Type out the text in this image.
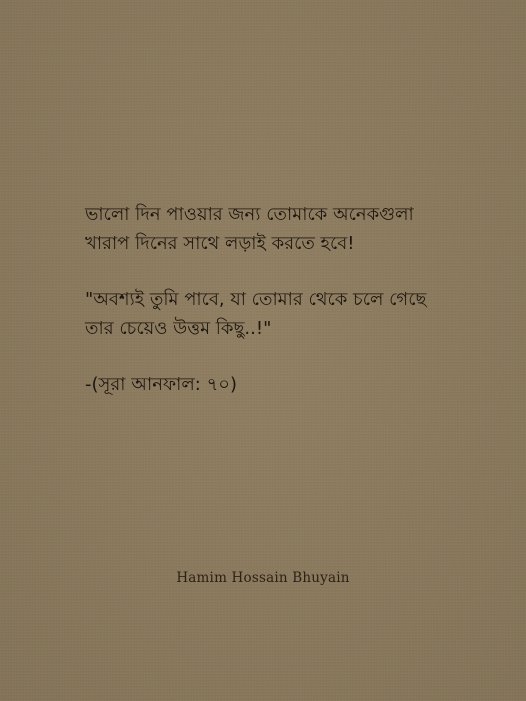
ভালো দিন পাওয়ার জন্য তোমাকে অনেকগুলা
খারাপ দিনের সাথে লড়াই করতে হবে!
"অবশ্যই তুমি পাবে, যা তোমার থেকে চলে গেছে
তার চেয়েও উত্তম কিছু..!"
-(সূরা আনফাল: ৭০)
Hamim Hossain Bhuyain
